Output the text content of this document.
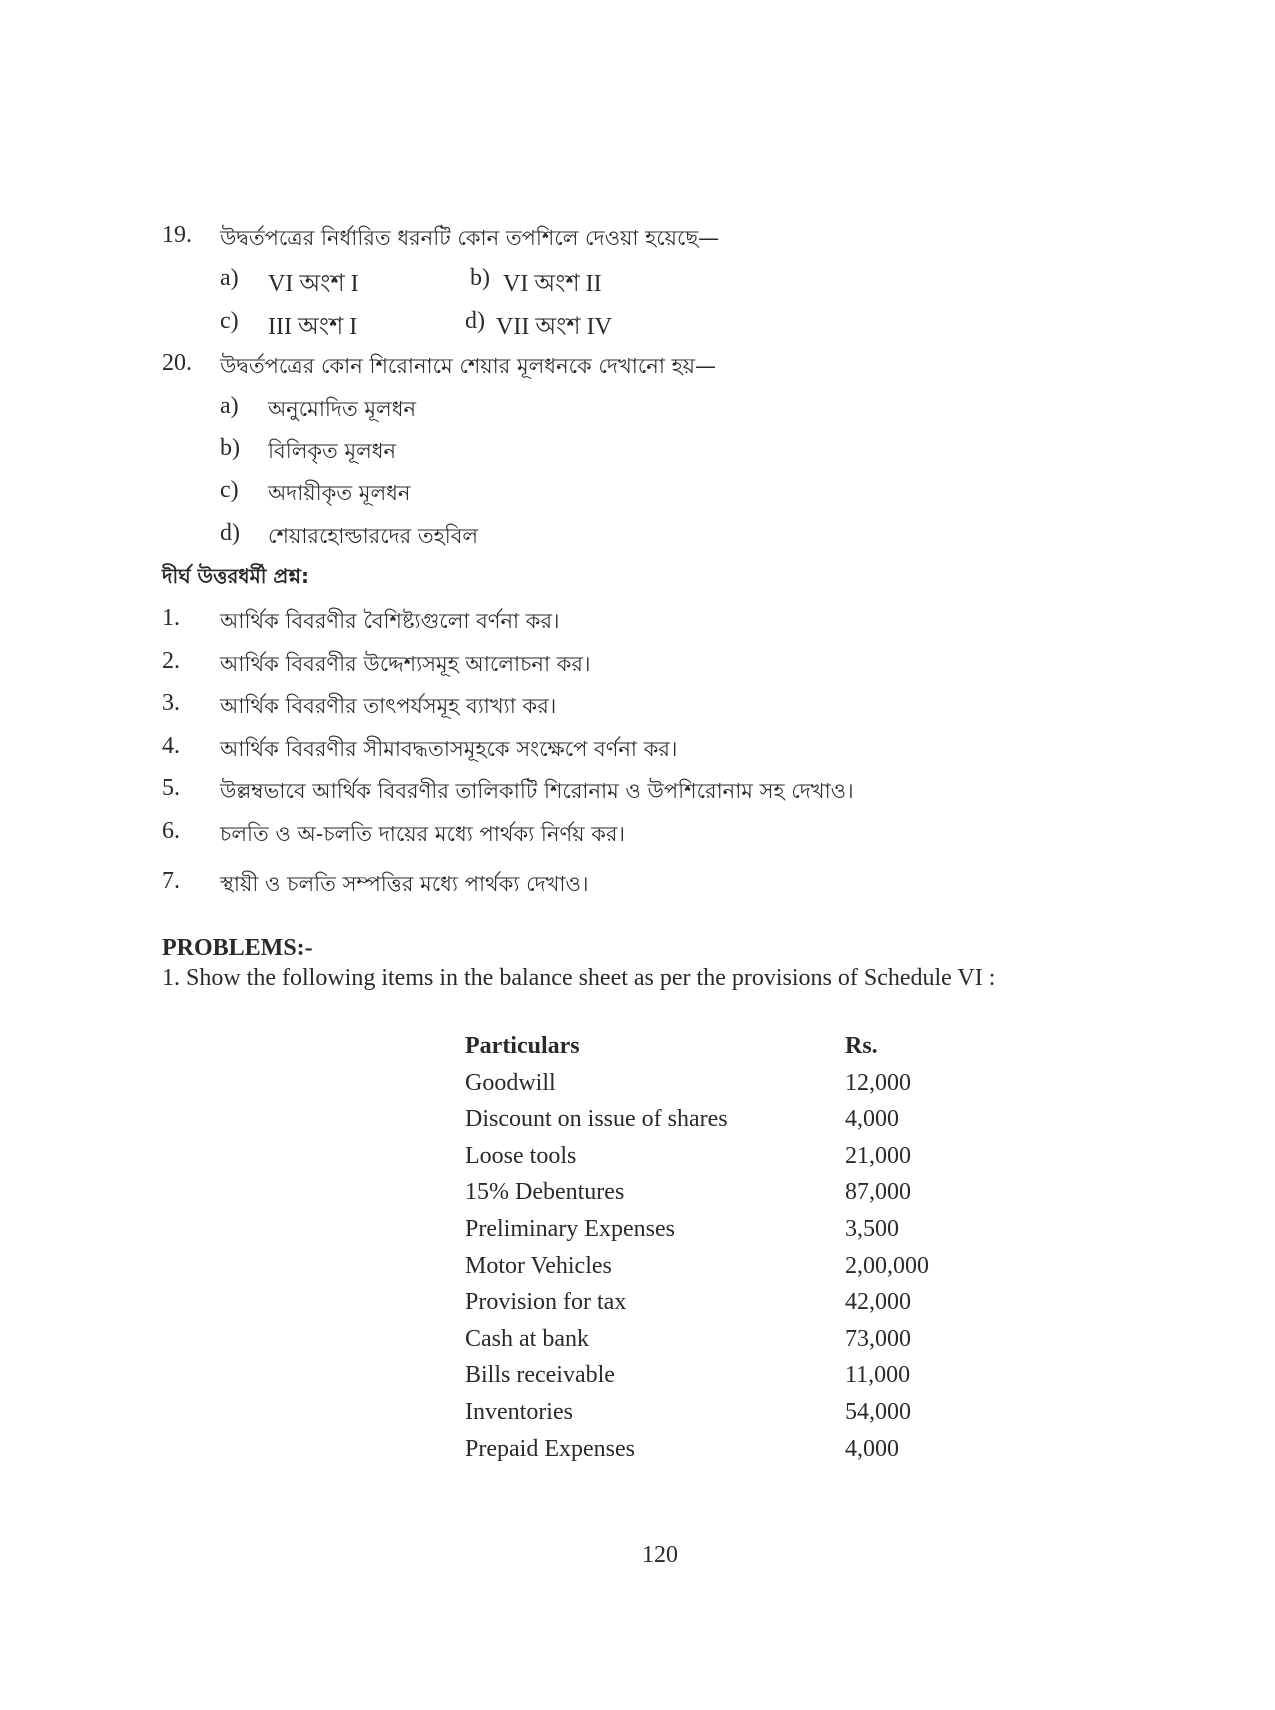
19. উদ্বর্তপত্রের নির্ধারিত ধরনটি কোন তপশিলে দেওয়া হয়েছে—
a) VI অংশ I	b) VI অংশ II
c) III অংশ I	d) VII অংশ IV
20. উদ্বর্তপত্রের কোন শিরোনামে শেয়ার মূলধনকে দেখানো হয়—
a) অনুমোদিত মূলধন
b) বিলিকৃত মূলধন
c) অদায়ীকৃত মূলধন
d) শেয়ারহোল্ডারদের তহবিল
দীর্ঘ উত্তরধর্মী প্রশ্ন:
1. আর্থিক বিবরণীর বৈশিষ্ট্যগুলো বর্ণনা কর।
2. আর্থিক বিবরণীর উদ্দেশ্যসমূহ আলোচনা কর।
3. আর্থিক বিবরণীর তাৎপর্যসমূহ ব্যাখ্যা কর।
4. আর্থিক বিবরণীর সীমাবদ্ধতাসমূহকে সংক্ষেপে বর্ণনা কর।
5. উল্লম্বভাবে আর্থিক বিবরণীর তালিকাটি শিরোনাম ও উপশিরোনাম সহ দেখাও।
6. চলতি ও অ-চলতি দায়ের মধ্যে পার্থক্য নির্ণয় কর।
7. স্থায়ী ও চলতি সম্পত্তির মধ্যে পার্থক্য দেখাও।
PROBLEMS:-
1. Show the following items in the balance sheet as per the provisions of Schedule VI :
Particulars	Rs.
Goodwill	12,000
Discount on issue of shares	4,000
Loose tools	21,000
15% Debentures	87,000
Preliminary Expenses	3,500
Motor Vehicles	2,00,000
Provision for tax	42,000
Cash at bank	73,000
Bills receivable	11,000
Inventories	54,000
Prepaid Expenses	4,000
120
